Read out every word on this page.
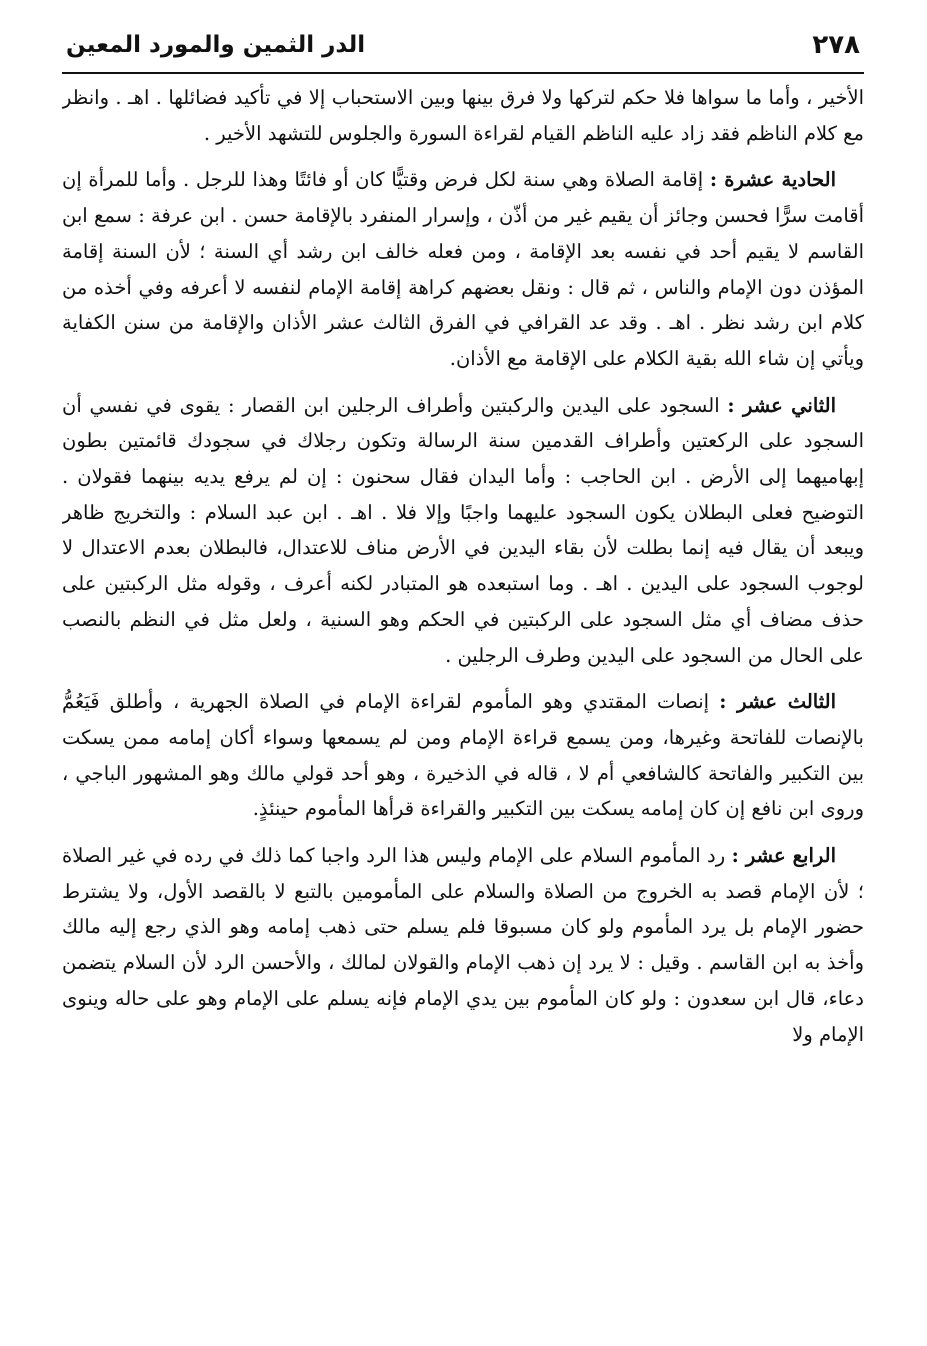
٢٧٨
الدر الثمين والمورد المعين

الأخير ، وأما ما سواها فلا حكم لتركها ولا فرق بينها وبين الاستحباب إلا في تأكيد فضائلها . اهـ . وانظر مع كلام الناظم فقد زاد عليه الناظم القيام لقراءة السورة والجلوس للتشهد الأخير .

الحادية عشرة : إقامة الصلاة وهي سنة لكل فرض وقتيًّا كان أو فائتًا وهذا للرجل . وأما للمرأة إن أقامت سرًّا فحسن وجائز أن يقيم غير من أذّن ، وإسرار المنفرد بالإقامة حسن . ابن عرفة : سمع ابن القاسم لا يقيم أحد في نفسه بعد الإقامة ، ومن فعله خالف ابن رشد أي السنة ؛ لأن السنة إقامة المؤذن دون الإمام والناس ، ثم قال : ونقل بعضهم كراهة إقامة الإمام لنفسه لا أعرفه وفي أخذه من كلام ابن رشد نظر . اهـ . وقد عد القرافي في الفرق الثالث عشر الأذان والإقامة من سنن الكفاية ويأتي إن شاء الله بقية الكلام على الإقامة مع الأذان.

الثاني عشر : السجود على اليدين والركبتين وأطراف الرجلين ابن القصار : يقوى في نفسي أن السجود على الركعتين وأطراف القدمين سنة الرسالة وتكون رجلاك في سجودك قائمتين بطون إبهاميهما إلى الأرض . ابن الحاجب : وأما اليدان فقال سحنون : إن لم يرفع يديه بينهما فقولان . التوضيح فعلى البطلان يكون السجود عليهما واجبًا وإلا فلا . اهـ . ابن عبد السلام : والتخريج ظاهر ويبعد أن يقال فيه إنما بطلت لأن بقاء اليدين في الأرض مناف للاعتدال، فالبطلان بعدم الاعتدال لا لوجوب السجود على اليدين . اهـ . وما استبعده هو المتبادر لكنه أعرف ، وقوله مثل الركبتين على حذف مضاف أي مثل السجود على الركبتين في الحكم وهو السنية ، ولعل مثل في النظم بالنصب على الحال من السجود على اليدين وطرف الرجلين .

الثالث عشر : إنصات المقتدي وهو المأموم لقراءة الإمام في الصلاة الجهرية ، وأطلق فَيَعُمُّ بالإنصات للفاتحة وغيرها، ومن يسمع قراءة الإمام ومن لم يسمعها وسواء أكان إمامه ممن يسكت بين التكبير والفاتحة كالشافعي أم لا ، قاله في الذخيرة ، وهو أحد قولي مالك وهو المشهور الباجي ، وروى ابن نافع إن كان إمامه يسكت بين التكبير والقراءة قرأها المأموم حينئذٍ.

الرابع عشر : رد المأموم السلام على الإمام وليس هذا الرد واجبا كما ذلك في رده في غير الصلاة ؛ لأن الإمام قصد به الخروج من الصلاة والسلام على المأمومين بالتبع لا بالقصد الأول، ولا يشترط حضور الإمام بل يرد المأموم ولو كان مسبوقا فلم يسلم حتى ذهب إمامه وهو الذي رجع إليه مالك وأخذ به ابن القاسم . وقيل : لا يرد إن ذهب الإمام والقولان لمالك ، والأحسن الرد لأن السلام يتضمن دعاء، قال ابن سعدون : ولو كان المأموم بين يدي الإمام فإنه يسلم على الإمام وهو على حاله وينوى الإمام ولا
